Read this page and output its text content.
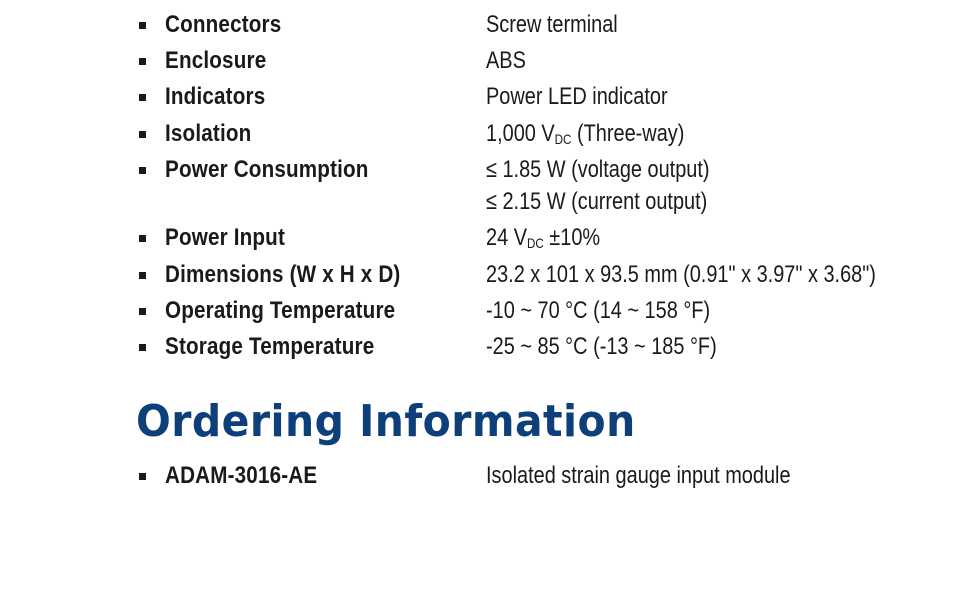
Connectors	Screw terminal
Enclosure	ABS
Indicators	Power LED indicator
Isolation	1,000 $V_{DC}$ (Three-way)
Power Consumption	≤ 1.85 W (voltage output)
≤ 2.15 W (current output)
Power Input	24 $V_{DC} \pm 10\%$
Dimensions (W x H x D)	23.2 x 101 x 93.5 mm (0.91" x 3.97" x 3.68")
Operating Temperature	-10 ~ 70 °C (14 ~ 158 °F)
Storage Temperature	-25 ~ 85 °C (-13 ~ 185 °F)
Ordering Information
ADAM-3016-AE	Isolated strain gauge input module
